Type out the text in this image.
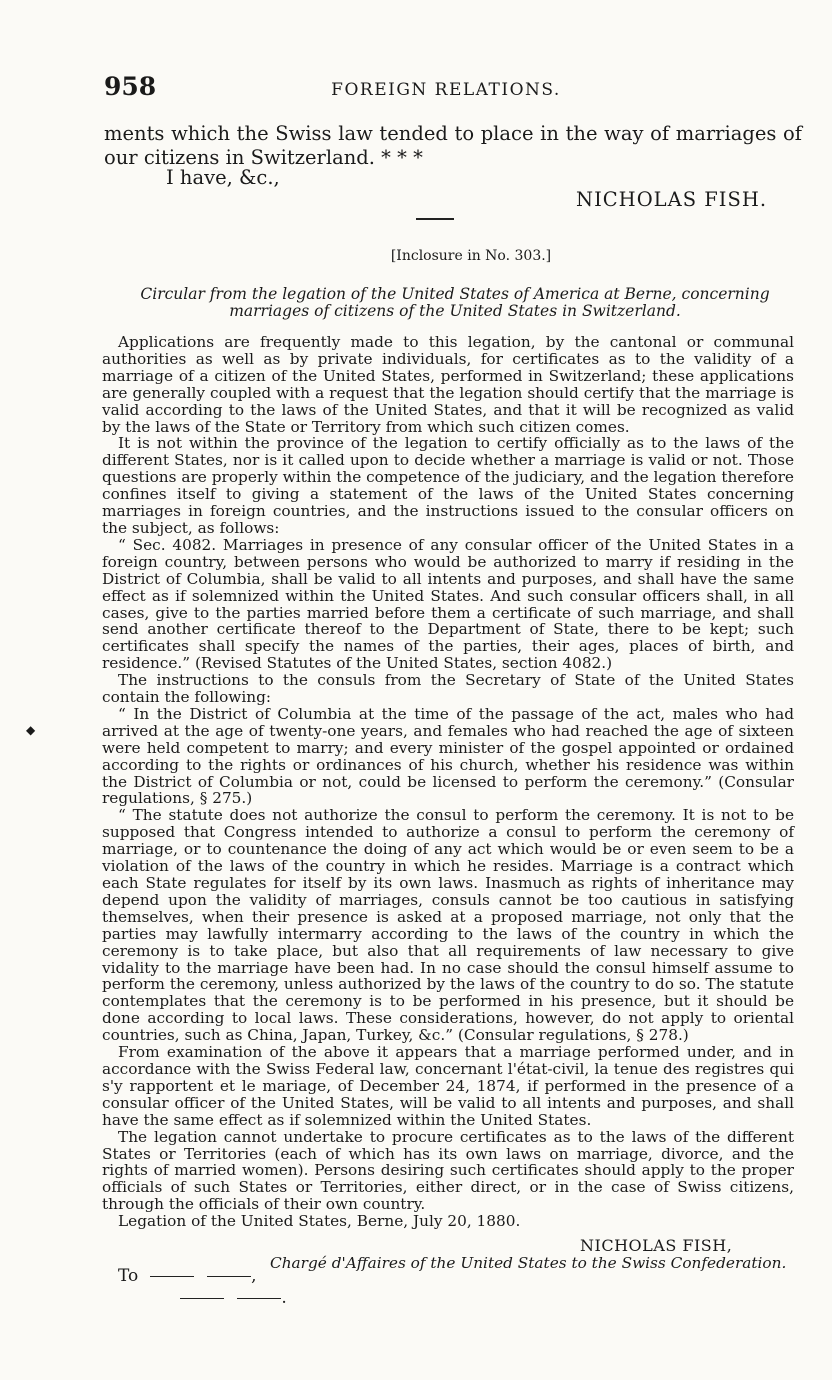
958	FOREIGN RELATIONS.
ments which the Swiss law tended to place in the way of marriages of our citizens in Switzerland. * * *
I have, &c.,
NICHOLAS FISH.
[Inclosure in No. 303.]
Circular from the legation of the United States of America at Berne, concerning marriages of citizens of the United States in Switzerland.
◆

Applications are frequently made to this legation, by the cantonal or communal authorities as well as by private individuals, for certificates as to the validity of a marriage of a citizen of the United States, performed in Switzerland; these applications are generally coupled with a request that the legation should certify that the marriage is valid according to the laws of the United States, and that it will be recognized as valid by the laws of the State or Territory from which such citizen comes.

It is not within the province of the legation to certify officially as to the laws of the different States, nor is it called upon to decide whether a marriage is valid or not. Those questions are properly within the competence of the judiciary, and the legation therefore confines itself to giving a statement of the laws of the United States concerning marriages in foreign countries, and the instructions issued to the consular officers on the subject, as follows:

“ Sec. 4082. Marriages in presence of any consular officer of the United States in a foreign country, between persons who would be authorized to marry if residing in the District of Columbia, shall be valid to all intents and purposes, and shall have the same effect as if solemnized within the United States. And such consular officers shall, in all cases, give to the parties married before them a certificate of such marriage, and shall send another certificate thereof to the Department of State, there to be kept; such certificates shall specify the names of the parties, their ages, places of birth, and residence.” (Revised Statutes of the United States, section 4082.)

The instructions to the consuls from the Secretary of State of the United States contain the following:

“ In the District of Columbia at the time of the passage of the act, males who had arrived at the age of twenty-one years, and females who had reached the age of sixteen were held competent to marry; and every minister of the gospel appointed or ordained according to the rights or ordinances of his church, whether his residence was within the District of Columbia or not, could be licensed to perform the ceremony.” (Consular regulations, § 275.)

“ The statute does not authorize the consul to perform the ceremony. It is not to be supposed that Congress intended to authorize a consul to perform the ceremony of marriage, or to countenance the doing of any act which would be or even seem to be a violation of the laws of the country in which he resides. Marriage is a contract which each State regulates for itself by its own laws. Inasmuch as rights of inheritance may depend upon the validity of marriages, consuls cannot be too cautious in satisfying themselves, when their presence is asked at a proposed marriage, not only that the parties may lawfully intermarry according to the laws of the country in which the ceremony is to take place, but also that all requirements of law necessary to give vidality to the marriage have been had. In no case should the consul himself assume to perform the ceremony, unless authorized by the laws of the country to do so. The statute contemplates that the ceremony is to be performed in his presence, but it should be done according to local laws. These considerations, however, do not apply to oriental countries, such as China, Japan, Turkey, &c.” (Consular regulations, § 278.)

From examination of the above it appears that a marriage performed under, and in accordance with the Swiss Federal law, concernant l'état-civil, la tenue des registres qui s'y rapportent et le mariage, of December 24, 1874, if performed in the presence of a consular officer of the United States, will be valid to all intents and purposes, and shall have the same effect as if solemnized within the United States.

The legation cannot undertake to procure certificates as to the laws of the different States or Territories (each of which has its own laws on marriage, divorce, and the rights of married women). Persons desiring such certificates should apply to the proper officials of such States or Territories, either direct, or in the case of Swiss citizens, through the officials of their own country.

Legation of the United States, Berne, July 20, 1880.

NICHOLAS FISH,
Chargé d'Affaires of the United States to the Swiss Confederation.
To	,
.
